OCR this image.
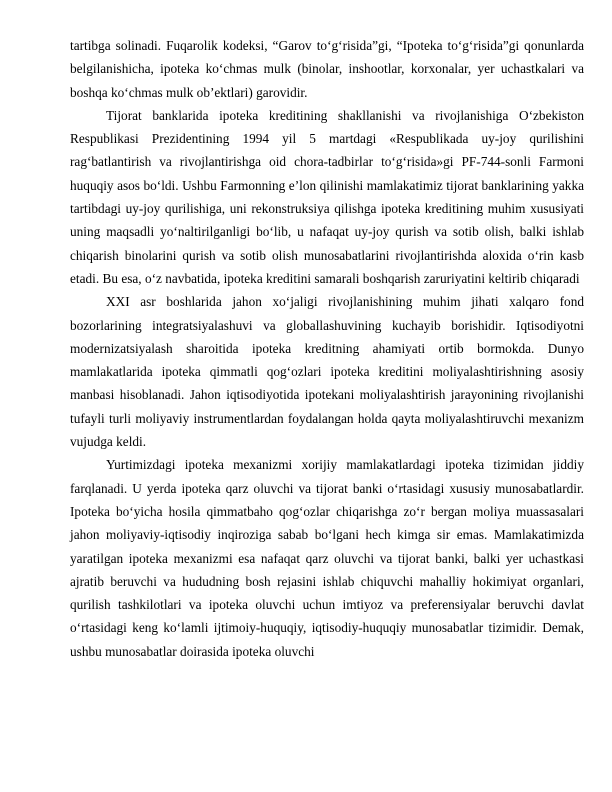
tartibga solinadi. Fuqarolik kodeksi, “Garov to‘g‘risida”gi, “Ipoteka to‘g‘risida”gi qonunlarda belgilanishicha, ipoteka ko‘chmas mulk (binolar, inshootlar, korxonalar, yer uchastkalari va boshqa ko‘chmas mulk ob’ektlari) garovidir.

Tijorat banklarida ipoteka kreditining shakllanishi va rivojlanishiga O‘zbekiston Respublikasi Prezidentining 1994 yil 5 martdagi «Respublikada uy-joy qurilishini rag‘batlantirish va rivojlantirishga oid chora-tadbirlar to‘g‘risida»gi PF-744-sonli Farmoni huquqiy asos bo‘ldi. Ushbu Farmonning e’lon qilinishi mamlakatimiz tijorat banklarining yakka tartibdagi uy-joy qurilishiga, uni rekonstruksiya qilishga ipoteka kreditining muhim xususiyati uning maqsadli yo‘naltirilganligi bo‘lib, u nafaqat uy-joy qurish va sotib olish, balki ishlab chiqarish binolarini qurish va sotib olish munosabatlarini rivojlantirishda aloxida o‘rin kasb etadi. Bu esa, o‘z navbatida, ipoteka kreditini samarali boshqarish zaruriyatini keltirib chiqaradi

XXI asr boshlarida jahon xo‘jaligi rivojlanishining muhim jihati xalqaro fond bozorlarining integratsiyalashuvi va globallashuvining kuchayib borishidir. Iqtisodiyotni modernizatsiyalash sharoitida ipoteka kreditning ahamiyati ortib bormokda. Dunyo mamlakatlarida ipoteka qimmatli qog‘ozlari ipoteka kreditini moliyalashtirishning asosiy manbasi hisoblanadi. Jahon iqtisodiyotida ipotekani moliyalashtirish jarayonining rivojlanishi tufayli turli moliyaviy instrumentlardan foydalangan holda qayta moliyalashtiruvchi mexanizm vujudga keldi.

Yurtimizdagi ipoteka mexanizmi xorijiy mamlakatlardagi ipoteka tizimidan jiddiy farqlanadi. U yerda ipoteka qarz oluvchi va tijorat banki o‘rtasidagi xususiy munosabatlardir. Ipoteka bo‘yicha hosila qimmatbaho qog‘ozlar chiqarishga zo‘r bergan moliya muassasalari jahon moliyaviy-iqtisodiy inqiroziga sabab bo‘lgani hech kimga sir emas. Mamlakatimizda yaratilgan ipoteka mexanizmi esa nafaqat qarz oluvchi va tijorat banki, balki yer uchastkasi ajratib beruvchi va hududning bosh rejasini ishlab chiquvchi mahalliy hokimiyat organlari, qurilish tashkilotlari va ipoteka oluvchi uchun imtiyoz va preferensiyalar beruvchi davlat o‘rtasidagi keng ko‘lamli ijtimoiy-huquqiy, iqtisodiy-huquqiy munosabatlar tizimidir. Demak, ushbu munosabatlar doirasida ipoteka oluvchi
